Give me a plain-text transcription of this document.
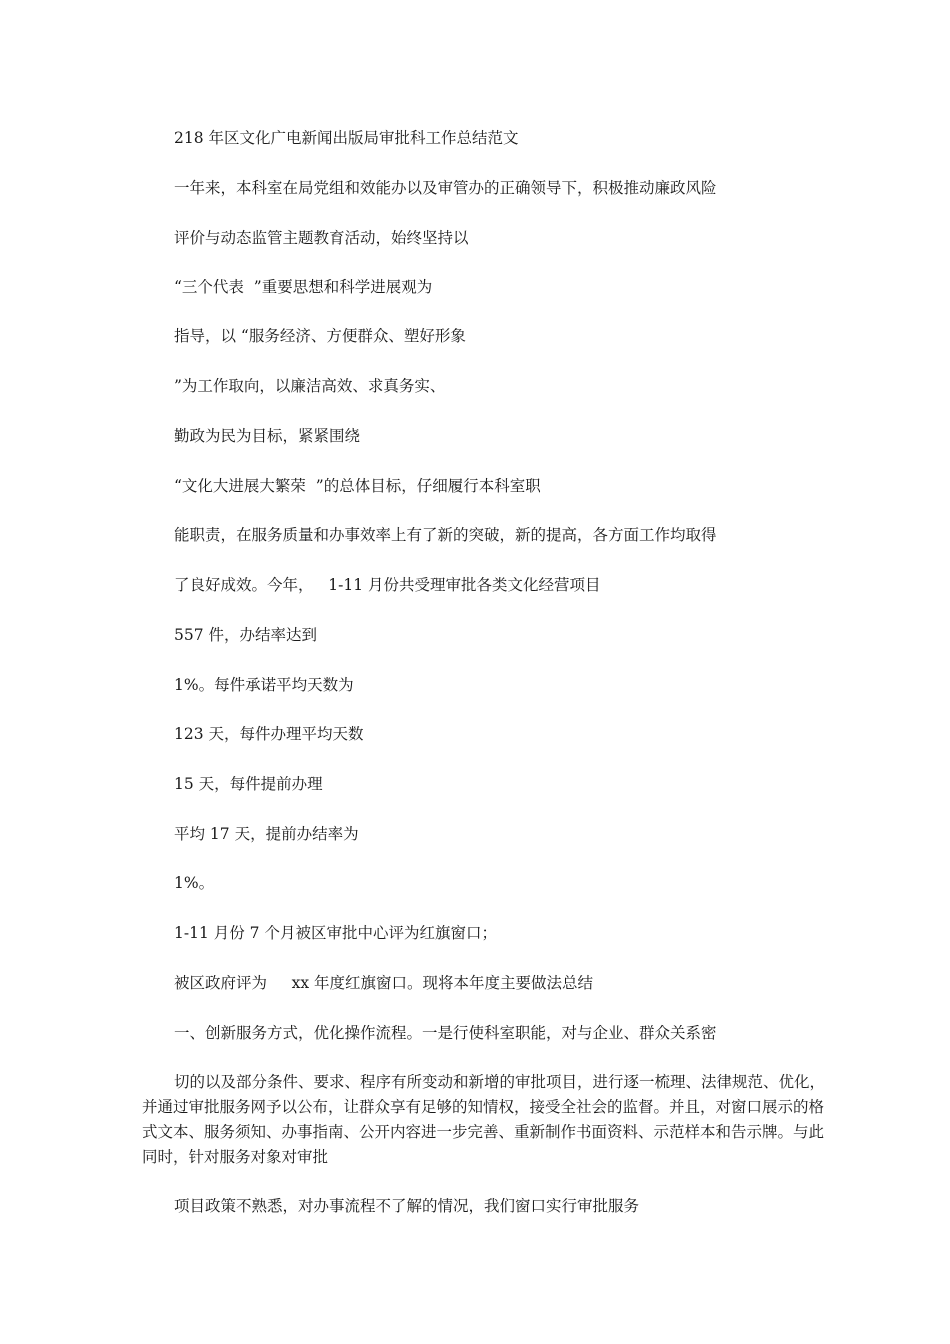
218 年区文化广电新闻出版局审批科工作总结范文
一年来，本科室在局党组和效能办以及审管办的正确领导下，积极推动廉政风险
评价与动态监管主题教育活动，始终坚持以
“三个代表  ”重要思想和科学进展观为
指导，以 “服务经济、方便群众、塑好形象
”为工作取向，以廉洁高效、求真务实、
勤政为民为目标，紧紧围绕
“文化大进展大繁荣  ”的总体目标，仔细履行本科室职
能职责，在服务质量和办事效率上有了新的突破，新的提高，各方面工作均取得
了良好成效。今年，   1-11 月份共受理审批各类文化经营项目
557 件，办结率达到
1%。每件承诺平均天数为
123 天，每件办理平均天数
15 天，每件提前办理
平均 17 天，提前办结率为
1%。
1-11 月份 7 个月被区审批中心评为红旗窗口；
被区政府评为     xx 年度红旗窗口。现将本年度主要做法总结
一、创新服务方式，优化操作流程。一是行使科室职能，对与企业、群众关系密
切的以及部分条件、要求、程序有所变动和新增的审批项目，进行逐一梳理、法律规范、优化，并通过审批服务网予以公布，让群众享有足够的知情权，接受全社会的监督。并且，对窗口展示的格式文本、服务须知、办事指南、公开内容进一步完善、重新制作书面资料、示范样本和告示牌。与此同时，针对服务对象对审批
项目政策不熟悉，对办事流程不了解的情况，我们窗口实行审批服务
